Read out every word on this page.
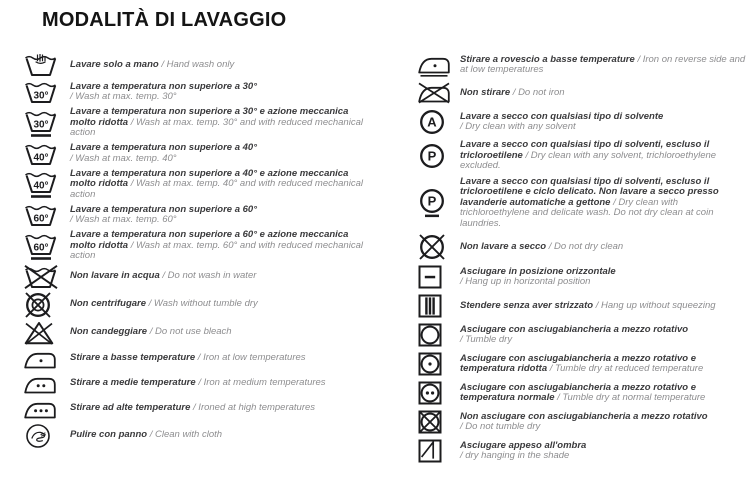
MODALITÀ DI LAVAGGIO

Lavare solo a mano / Hand wash only

30°

Lavare a temperatura non superiore a 30°
/ Wash at max. temp. 30°

30°

Lavare a temperatura non superiore a 30° e azione meccanica molto ridotta / Wash at max. temp. 30° and with reduced mechanical action

40°

Lavare a temperatura non superiore a 40°
/ Wash at max. temp. 40°

40°

Lavare a temperatura non superiore a 40° e azione meccanica molto ridotta / Wash at max. temp. 40° and with reduced mechanical action

60°

Lavare a temperatura non superiore a 60°
/ Wash at max. temp. 60°

60°

Lavare a temperatura non superiore a 60° e azione meccanica molto ridotta / Wash at max. temp. 60° and with reduced mechanical action

Non lavare in acqua / Do not wash in water

Non centrifugare / Wash without tumble dry

Non candeggiare / Do not use bleach

Stirare a basse temperature / Iron at low temperatures

Stirare a medie temperature / Iron at medium temperatures

Stirare ad alte temperature / Ironed at high temperatures

Pulire con panno / Clean with cloth

Stirare a rovescio a basse temperature / Iron on reverse side and at low temperatures

Non stirare / Do not iron

A Lavare a secco con qualsiasi tipo di solvente
/ Dry clean with any solvent

P

Lavare a secco con qualsiasi tipo di solventi, escluso il tricloroetilene / Dry clean with any solvent, trichloroethylene excluded.

P

Lavare a secco con qualsiasi tipo di solventi, escluso il tricloroetilene e ciclo delicato. Non lavare a secco presso lavanderie automatiche a gettone / Dry clean with trichloroethylene and delicate wash. Do not dry clean at coin laundries.

Non lavare a secco / Do not dry clean

Asciugare in posizione orizzontale
/ Hang up in horizontal position

Stendere senza aver strizzato / Hang up without squeezing

Asciugare con asciugabiancheria a mezzo rotativo
/ Tumble dry

Asciugare con asciugabiancheria a mezzo rotativo e temperatura ridotta / Tumble dry at reduced temperature

Asciugare con asciugabiancheria a mezzo rotativo e temperatura normale / Tumble dry at normal temperature

Non asciugare con asciugabiancheria a mezzo rotativo
/ Do not tumble dry

Asciugare appeso all'ombra
/ dry hanging in the shade
